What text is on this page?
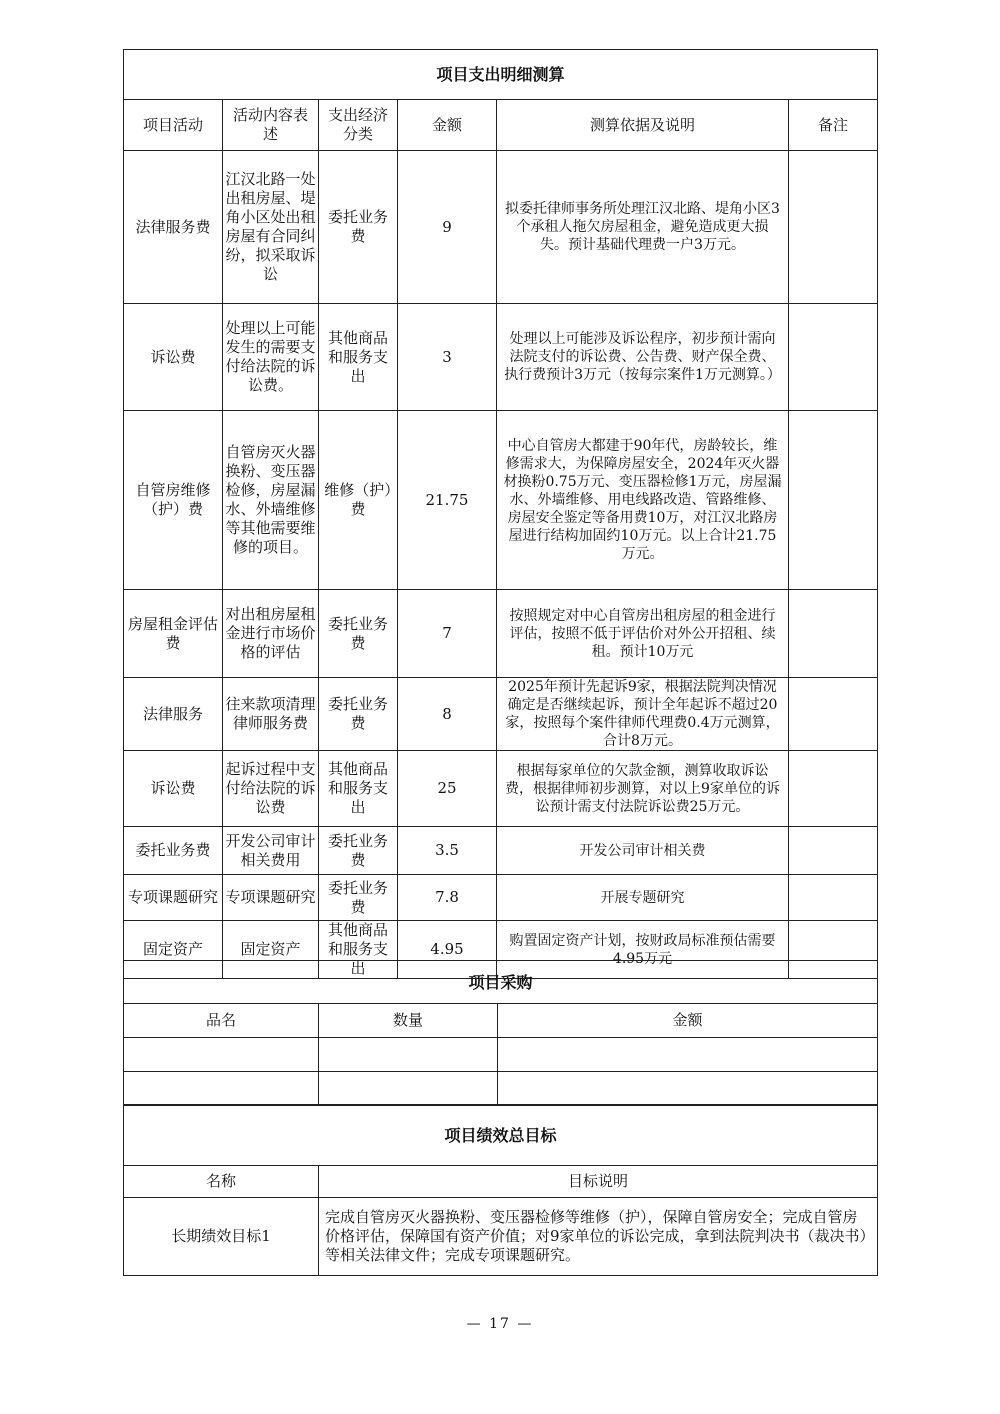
项目支出明细测算					
项目活动	活动内容表述	支出经济分类	金额	测算依据及说明	备注
法律服务费	江汉北路一处出租房屋、堤角小区处出租房屋有合同纠纷，拟采取诉讼	委托业务费	9	拟委托律师事务所处理江汉北路、堤角小区3个承租人拖欠房屋租金，避免造成更大损失。预计基础代理费一户3万元。	
诉讼费	处理以上可能发生的需要支付给法院的诉讼费。	其他商品和服务支出	3	处理以上可能涉及诉讼程序，初步预计需向法院支付的诉讼费、公告费、财产保全费、执行费预计3万元（按每宗案件1万元测算。）	
自管房维修（护）费	自管房灭火器换粉、变压器检修，房屋漏水、外墙维修等其他需要维修的项目。	维修（护）费	21.75	中心自管房大都建于90年代，房龄较长，维修需求大，为保障房屋安全，2024年灭火器材换粉0.75万元、变压器检修1万元，房屋漏水、外墙维修、用电线路改造、管路维修、房屋安全鉴定等备用费10万，对江汉北路房屋进行结构加固约10万元。以上合计21.75万元。	
房屋租金评估费	对出租房屋租金进行市场价格的评估	委托业务费	7	按照规定对中心自管房出租房屋的租金进行评估，按照不低于评估价对外公开招租、续租。预计10万元	
法律服务	往来款项清理律师服务费	委托业务费	8	2025年预计先起诉9家，根据法院判决情况确定是否继续起诉，预计全年起诉不超过20家，按照每个案件律师代理费0.4万元测算，合计8万元。	
诉讼费	起诉过程中支付给法院的诉讼费	其他商品和服务支出	25	根据每家单位的欠款金额，测算收取诉讼费，根据律师初步测算，对以上9家单位的诉讼预计需支付法院诉讼费25万元。	
委托业务费	开发公司审计相关费用	委托业务费	3.5	开发公司审计相关费	
专项课题研究	专项课题研究	委托业务费	7.8	开展专题研究	
固定资产	固定资产	其他商品和服务支出	4.95	购置固定资产计划，按财政局标准预估需要4.95万元	
项目采购		
品名	数量	金额

项目绩效总目标	
名称	目标说明
长期绩效目标1	完成自管房灭火器换粉、变压器检修等维修（护），保障自管房安全；完成自管房价格评估，保障国有资产价值；对9家单位的诉讼完成，拿到法院判决书（裁决书）等相关法律文件；完成专项课题研究。
— 17 —
